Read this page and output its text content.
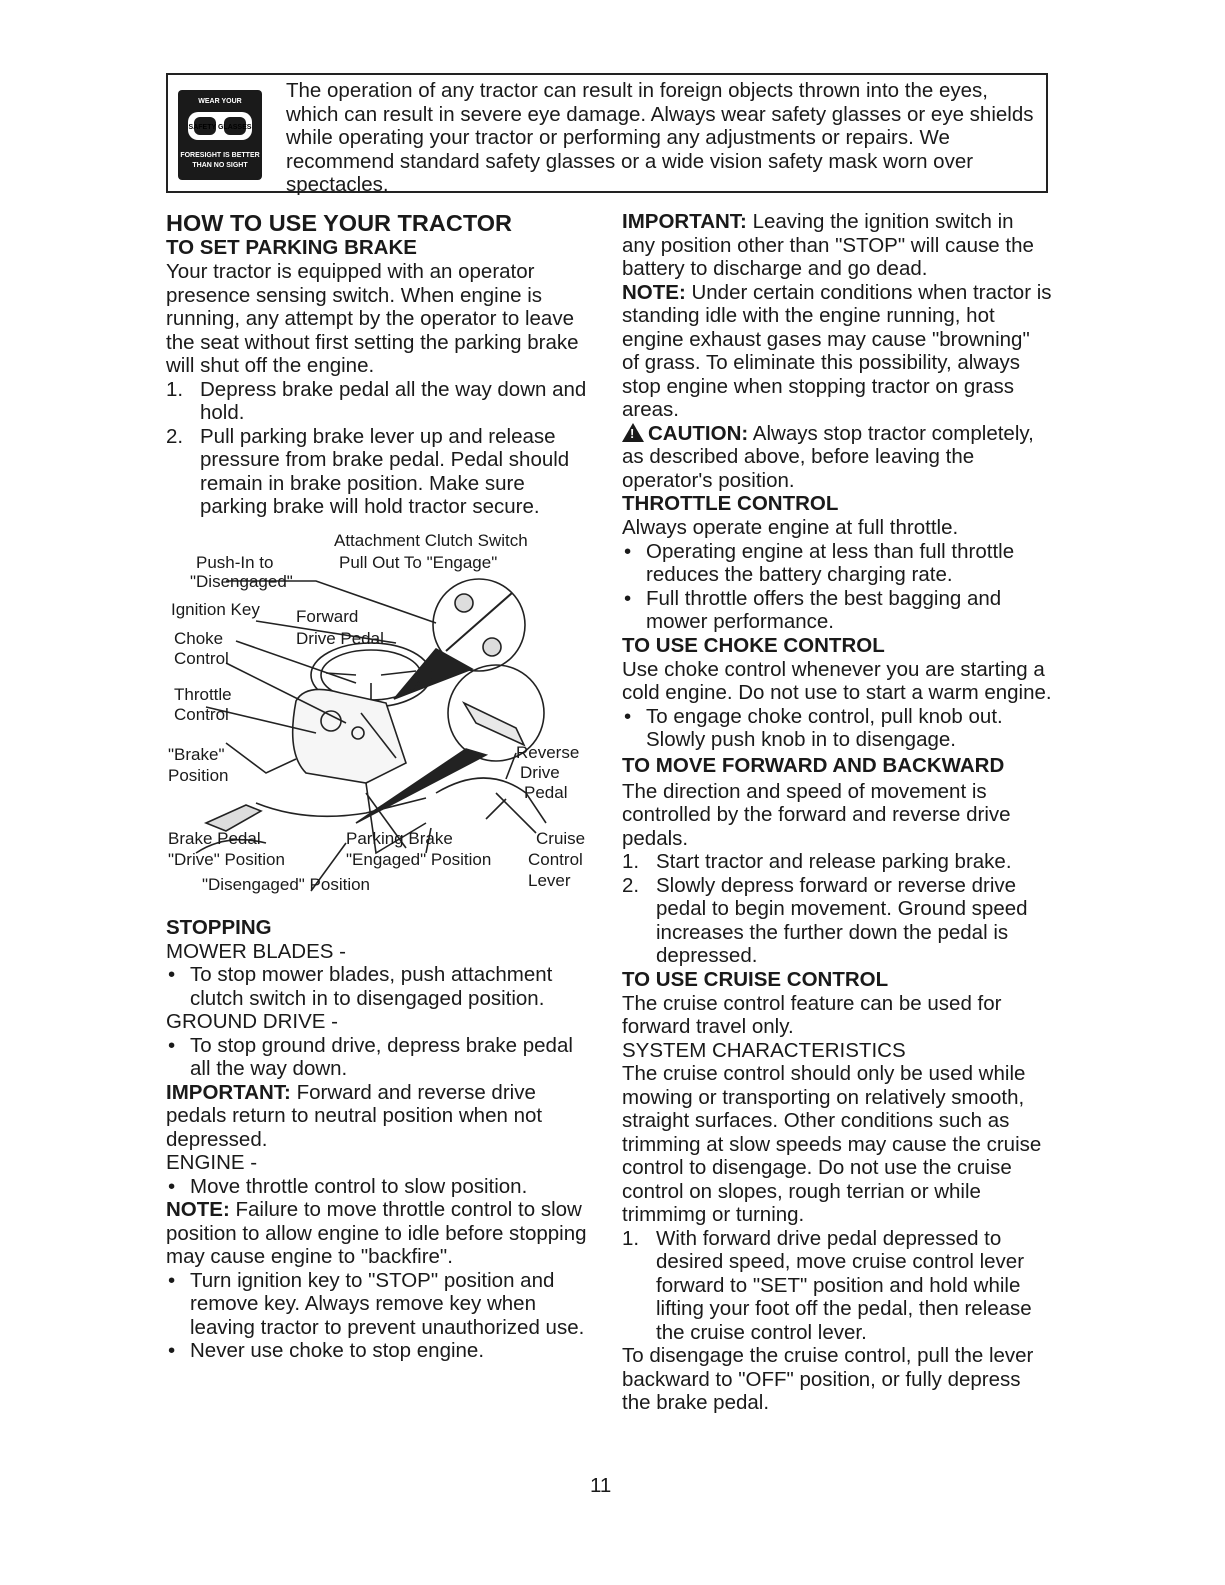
WEAR YOUR
SAFETY GLASSES
FORESIGHT IS BETTER
THAN NO SIGHT
The operation of any tractor can result in foreign objects thrown into the eyes, which can result in severe eye damage. Always wear safety glasses or eye shields while operating your tractor or performing any adjustments or repairs. We recommend standard safety glasses or a wide vision safety mask worn over spectacles.

HOW TO USE YOUR TRACTOR

TO SET PARKING BRAKE

Your tractor is equipped with an operator presence sensing switch. When engine is running, any attempt by the operator to leave the seat without first setting the parking brake will shut off the engine.

1. Depress brake pedal all the way down and hold.
2. Pull parking brake lever up and release pressure from brake pedal. Pedal should remain in brake position. Make sure parking brake will hold tractor secure.
Attachment Clutch Switch
Push-In to
"Disengaged"
Pull Out To "Engage"
Ignition Key Forward
Choke	Drive Pedal
Control
Throttle
Control
"Brake"
Position
Reverse
Drive
Pedal
Brake Pedal
"Drive" Position
Parking Brake
"Engaged" Position
Cruise
Control
Lever
"Disengaged" Position

STOPPING

MOWER BLADES -

• To stop mower blades, push attachment clutch switch in to disengaged position.

GROUND DRIVE -

• To stop ground drive, depress brake pedal all the way down.

IMPORTANT: Forward and reverse drive pedals return to neutral position when not depressed.

ENGINE -

• Move throttle control to slow position.

NOTE: Failure to move throttle control to slow position to allow engine to idle before stopping may cause engine to "backfire".

• Turn ignition key to "STOP" position and remove key. Always remove key when leaving tractor to prevent unauthorized use.
• Never use choke to stop engine.

IMPORTANT: Leaving the ignition switch in any position other than "STOP" will cause the battery to discharge and go dead.

NOTE: Under certain conditions when tractor is standing idle with the engine running, hot engine exhaust gases may cause "browning" of grass. To eliminate this possibility, always stop engine when stopping tractor on grass areas.

!CAUTION: Always stop tractor completely, as described above, before leaving the operator's position.

THROTTLE CONTROL

Always operate engine at full throttle.

• Operating engine at less than full throttle reduces the battery charging rate.
• Full throttle offers the best bagging and mower performance.

TO USE CHOKE CONTROL

Use choke control whenever you are starting a cold engine. Do not use to start a warm engine.

• To engage choke control, pull knob out. Slowly push knob in to disengage.

TO MOVE FORWARD AND BACKWARD

The direction and speed of movement is controlled by the forward and reverse drive pedals.

1. Start tractor and release parking brake.
2. Slowly depress forward or reverse drive pedal to begin movement. Ground speed increases the further down the pedal is depressed.

TO USE CRUISE CONTROL

The cruise control feature can be used for forward travel only.

SYSTEM CHARACTERISTICS

The cruise control should only be used while mowing or transporting on relatively smooth, straight surfaces. Other conditions such as trimming at slow speeds may cause the cruise control to disengage. Do not use the cruise control on slopes, rough terrian or while trimmimg or turning.

1. With forward drive pedal depressed to desired speed, move cruise control lever forward to "SET" position and hold while lifting your foot off the pedal, then release the cruise control lever.

To disengage the cruise control, pull the lever backward to "OFF" position, or fully depress the brake pedal.

11
